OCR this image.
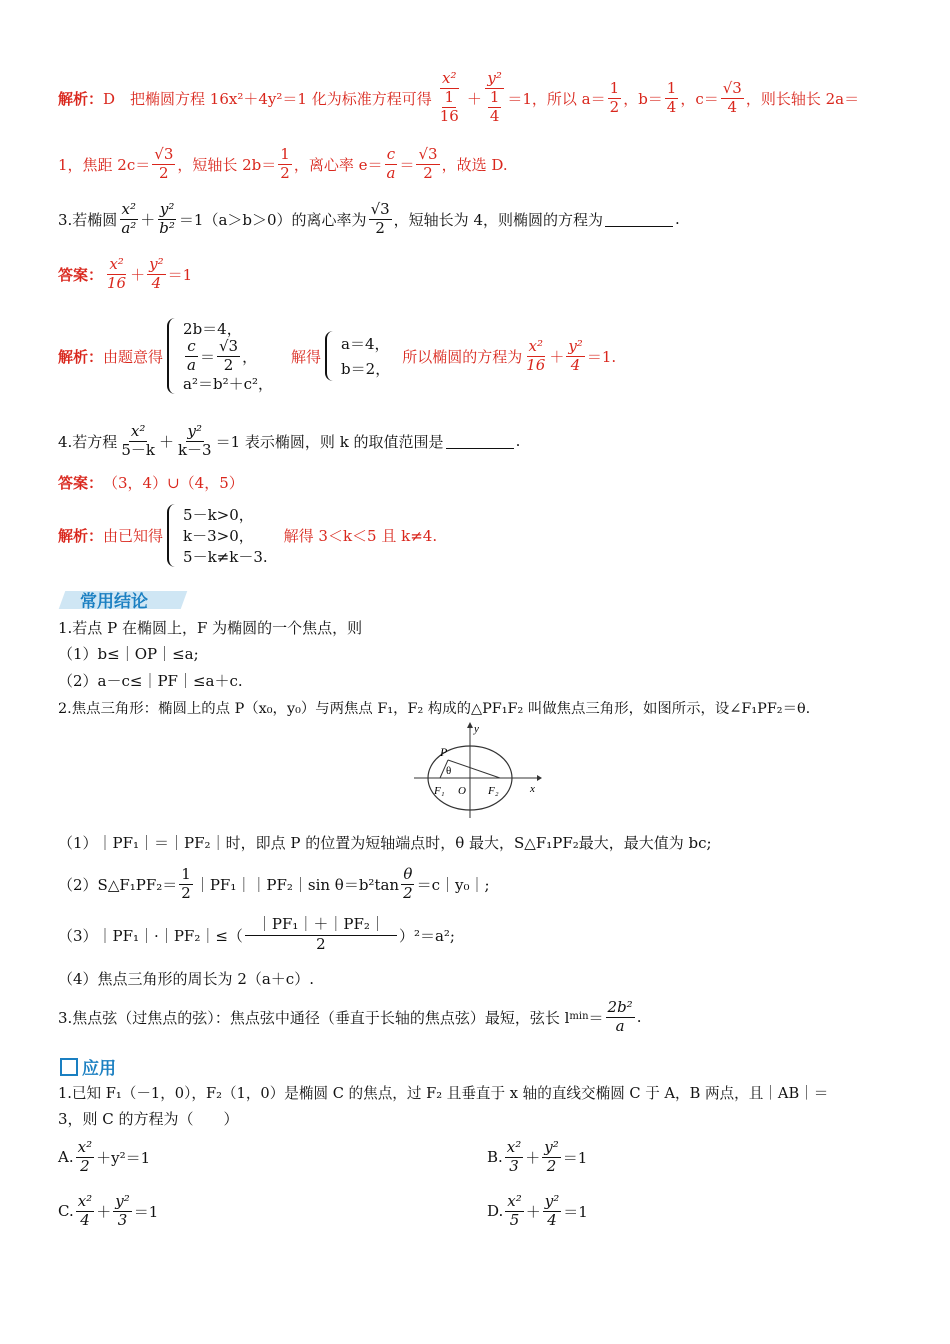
解析： D　把椭圆方程 16x²＋4y²＝1 化为标准方程可得 $\frac{\text{x²}}{\frac{1}{16}} + \frac{\text{y²}}{\frac{1}{4}} =1$，所以 $a= \frac{1}{2}$ ，$b= \frac{1}{4}$ ，$c= \frac{√3}{4}$ ，则长轴长 2a＝
1，焦距 $2c= \frac{√3}{2}$ ，短轴长 $2b= \frac{1}{2}$ ，离心率 $e= \frac{c}{a} = \frac{√3}{2}$ ，故选 D.
3.若椭圆 $\frac{\text{x²}}{\text{a²}} + \frac{\text{y²}}{\text{b²}} =1(a>b>0)$的离心率为 $\frac{√3}{2}$ ，短轴长为 4，则椭圆的方程为	.
答案： $\frac{\text{x²}}{16} + \frac{\text{y²}}{4} =1$
解析： 由题意得
2b＝4，
$\frac{c}{a} = \frac{√3}{2}$ ，
a²＝b²＋c²，
解得
a＝4，
b＝2，
所以椭圆的方程为 $\frac{\text{x²}}{16} + \frac{\text{y²}}{4} =1$.
4.若方程 $\frac{\text{x²}}{5-k} + \frac{\text{y²}}{k-3} =1$ 表示椭圆，则 k 的取值范围是	.
答案： （3，4）∪（4，5）
解析： 由已知得
5－k>0，
k－3>0，
5－k≠k－3.
解得 3＜k＜5 且 k≠4.
常用结论
1.若点 P 在椭圆上，F 为椭圆的一个焦点，则
（1）b≤｜OP｜≤a;
（2）a－c≤｜PF｜≤a＋c.
2.焦点三角形：椭圆上的点 P（x₀，y₀）与两焦点 F₁，F₂ 构成的△PF₁F₂ 叫做焦点三角形，如图所示，设∠F₁PF₂＝θ.
P
θ
F₁ O F₂	x
y
（1）｜PF₁｜＝｜PF₂｜时，即点 P 的位置为短轴端点时，θ 最大，S△F₁PF₂最大，最大值为 bc;
（2）S△F₁PF₂＝ $\frac{1}{2}$ ｜PF₁｜｜PF₂｜sin $\theta=b^2\tan \frac{\theta}{2}$ ＝c｜y₀｜;
（3）｜PF₁｜·｜PF₂｜≤（ $\frac{\text{｜PF₁｜＋｜PF₂｜}}{2} )^2=a^2$;
（4）焦点三角形的周长为 2（a＋c）.
3.焦点弦（过焦点的弦）：焦点弦中通径（垂直于长轴的焦点弦）最短，弦长 l $\min = \frac{\text{2b²}}{a}$ .
应用
1.已知 F₁（－1，0），F₂（1，0）是椭圆 C 的焦点，过 F₂ 且垂直于 x 轴的直线交椭圆 C 于 A，B 两点，且｜AB｜＝
3，则 C 的方程为（　　）
A. $\frac{\text{x²}}{2} +y^2=1$	B. $\frac{\text{x²}}{3} + \frac{\text{y²}}{2} =1$
C. $\frac{\text{x²}}{4} + \frac{\text{y²}}{3} =1$	D. $\frac{\text{x²}}{5} + \frac{\text{y²}}{4} =1$
